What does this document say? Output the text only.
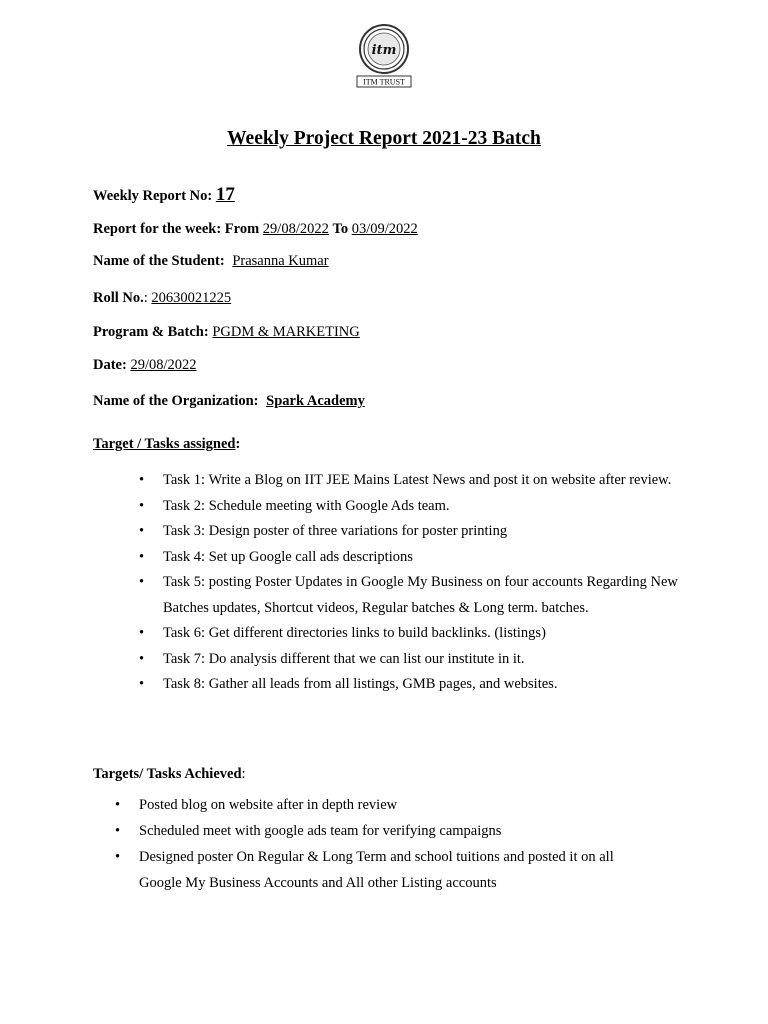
itm
ITM TRUST
Weekly Project Report 2021-23 Batch
Weekly Report No: 17
Report for the week: From 29/08/2022 To 03/09/2022
Name of the Student: Prasanna Kumar
Roll No.: 20630021225
Program & Batch: PGDM & MARKETING
Date: 29/08/2022
Name of the Organization: Spark Academy
Target / Tasks assigned:
• Task 1: Write a Blog on IIT JEE Mains Latest News and post it on website after review.
• Task 2: Schedule meeting with Google Ads team.
• Task 3: Design poster of three variations for poster printing
• Task 4: Set up Google call ads descriptions
• Task 5: posting Poster Updates in Google My Business on four accounts Regarding New Batches updates, Shortcut videos, Regular batches & Long term. batches.
• Task 6: Get different directories links to build backlinks. (listings)
• Task 7: Do analysis different that we can list our institute in it.
• Task 8: Gather all leads from all listings, GMB pages, and websites.
Targets/ Tasks Achieved:
• Posted blog on website after in depth review
• Scheduled meet with google ads team for verifying campaigns
• Designed poster On Regular & Long Term and school tuitions and posted it on all Google My Business Accounts and All other Listing accounts
